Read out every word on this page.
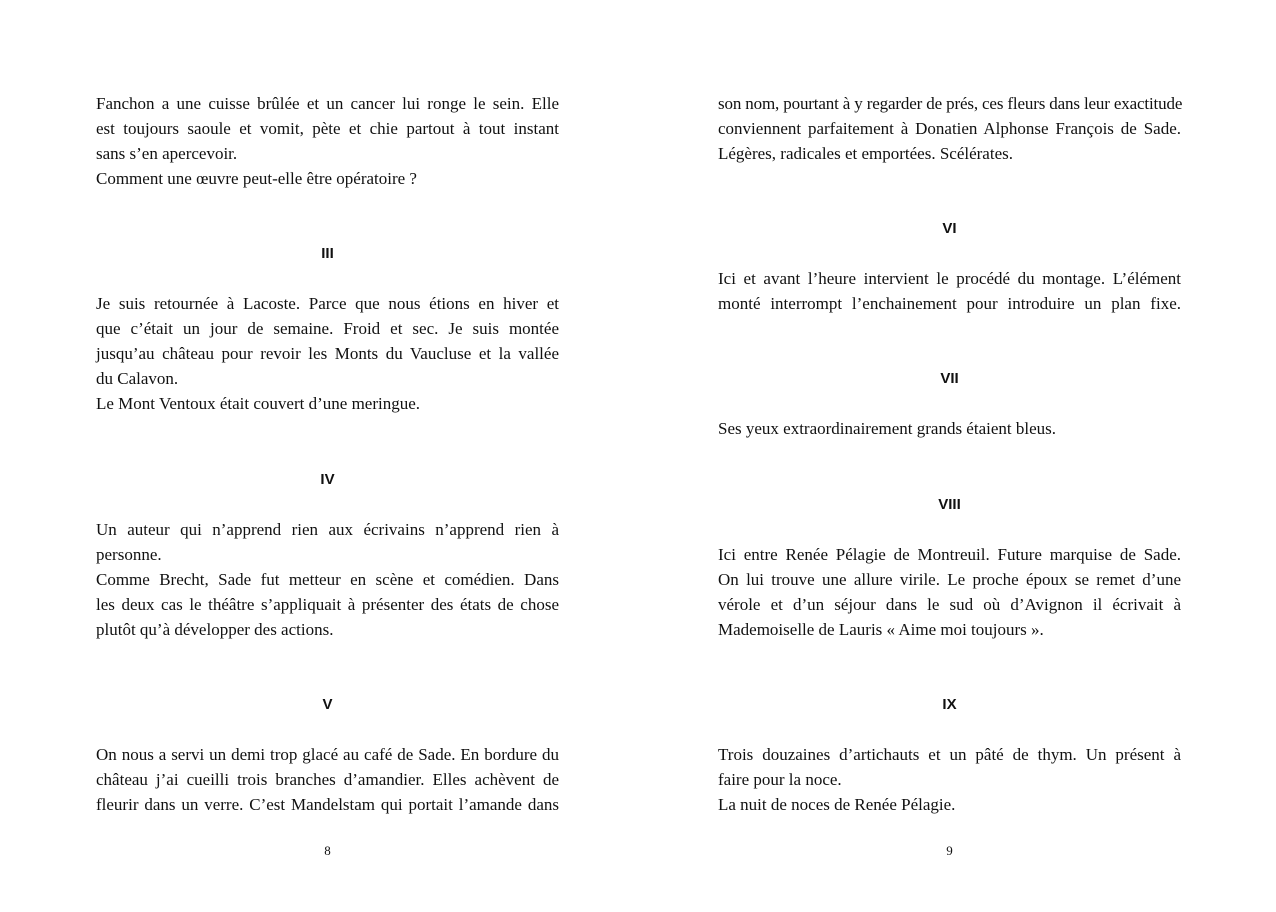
Fanchon a une cuisse brûlée et un cancer lui ronge le sein. Elle
est toujours saoule et vomit, pète et chie partout à tout instant
sans s’en apercevoir.
Comment une œuvre peut-elle être opératoire ?
III
Je suis retournée à Lacoste. Parce que nous étions en hiver et
que c’était un jour de semaine. Froid et sec. Je suis montée
jusqu’au château pour revoir les Monts du Vaucluse et la vallée
du Calavon.
Le Mont Ventoux était couvert d’une meringue.
IV
Un auteur qui n’apprend rien aux écrivains n’apprend rien à
personne.
Comme Brecht, Sade fut metteur en scène et comédien. Dans
les deux cas le théâtre s’appliquait à présenter des états de chose
plutôt qu’à développer des actions.
V
On nous a servi un demi trop glacé au café de Sade. En bordure du
château j’ai cueilli trois branches d’amandier. Elles achèvent de
fleurir dans un verre. C’est Mandelstam qui portait l’amande dans
8
son nom, pourtant à y regarder de prés, ces fleurs dans leur exactitude
conviennent parfaitement à Donatien Alphonse François de Sade.
Légères, radicales et emportées. Scélérates.
VI
Ici et avant l’heure intervient le procédé du montage. L’élément
monté interrompt l’enchainement pour introduire un plan fixe.
VII
Ses yeux extraordinairement grands étaient bleus.
VIII
Ici entre Renée Pélagie de Montreuil. Future marquise de Sade.
On lui trouve une allure virile. Le proche époux se remet d’une
vérole et d’un séjour dans le sud où d’Avignon il écrivait à
Mademoiselle de Lauris « Aime moi toujours ».
IX
Trois douzaines d’artichauts et un pâté de thym. Un présent à
faire pour la noce.
La nuit de noces de Renée Pélagie.
9
